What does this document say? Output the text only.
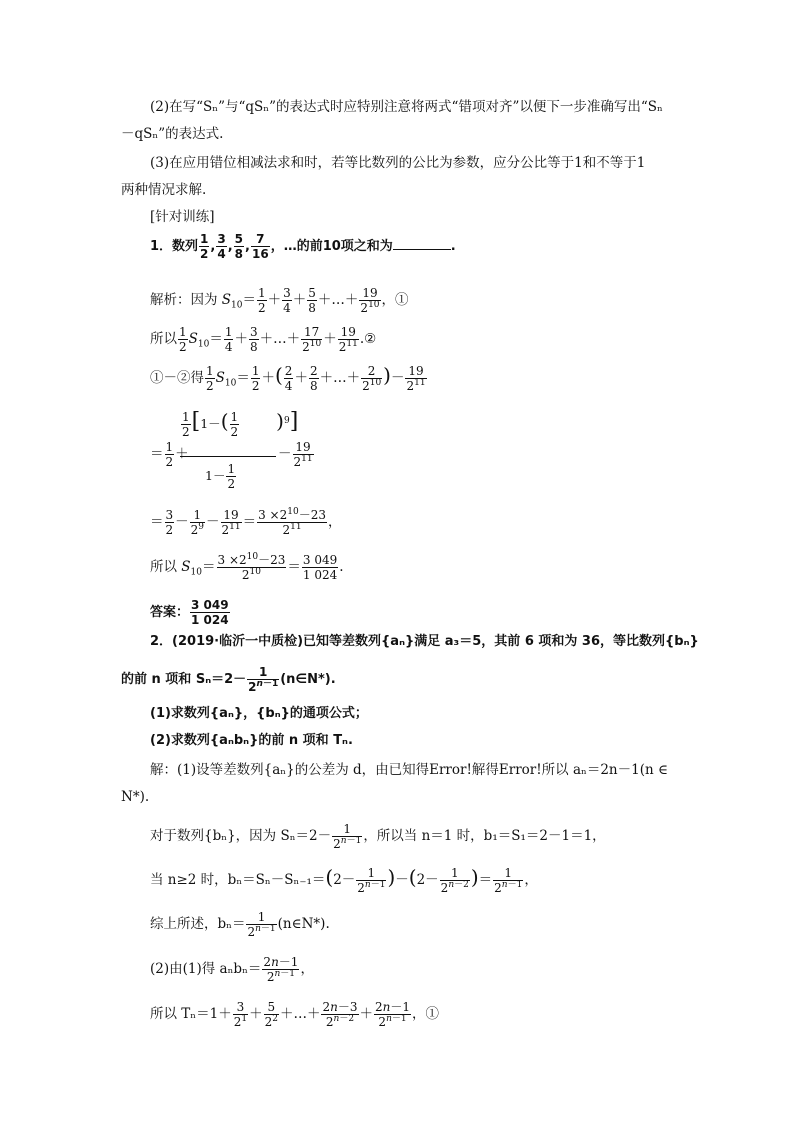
(2)在写“Sₙ”与“qSₙ”的表达式时应特别注意将两式“错项对齐”以便下一步准确写出“Sₙ
－qSₙ”的表达式.
(3)在应用错位相减法求和时，若等比数列的公比为参数，应分公比等于1和不等于1
两种情况求解.
[针对训练]
1．数列 $\frac{1}{2}$ , $\frac{3}{4}$ , $\frac{5}{8}$ , $\frac{7}{16}$ ，…的前10项之和为	.
解析：因为 $S_{10}= \frac{1}{2} + \frac{3}{4} + \frac{5}{8}$ ＋…＋ $\frac{19}{2^{10}}$ ，①
所以 $\frac{1}{2} S_{10}= \frac{1}{4} + \frac{3}{8}$ ＋…＋ $\frac{17}{2^{10}} + \frac{19}{2^{11}}$ .②
①－②得 $\frac{1}{2} S_{10}= \frac{1}{2}$ ＋( $\frac{2}{4} + \frac{2}{8}$ ＋…＋ $\frac{2}{2^{10}}$ )－ $\frac{19}{2^{11}}$
＝ $\frac{1}{2}$ ＋
$\frac{1}{2} [1-( \frac{1}{2} )^9]$
$1- \frac{1}{2}$
－ $\frac{19}{2^{11}}$
＝ $\frac{3}{2} - \frac{1}{2^9} - \frac{19}{2^{11}} = \frac{3 \times 2^{10}-23}{2^{11}}$ ，
所以 $S_{10}= \frac{3 \times 2^{10}-23}{2^{10}} = \frac{3 049}{1 024}$ .
答案： $\frac{3 049}{1 024}$
2．(2019·临沂一中质检)已知等差数列{aₙ}满足 a₃＝5，其前 6 项和为 36，等比数列{bₙ}
的前 n 项和 $S_n=2- \frac{1}{2^{n-1}}$ (n∈N*).
(1)求数列{aₙ}，{bₙ}的通项公式；
(2)求数列{aₙbₙ}的前 n 项和 Tₙ.
解：(1)设等差数列{aₙ}的公差为 d，由已知得Error!解得Error!所以 aₙ＝2n－1(n ∈
N*).
对于数列{bₙ}，因为 $S_n=2- \frac{1}{2^{n-1}}$ ，所以当 n＝1 时，b₁＝S₁＝2－1＝1，
当 n≥2 时，$b_n=S_n-S_{n-1}=(2- \frac{1}{2^{n-1}} )-(2- \frac{1}{2^{n-2}}$ )＝ $\frac{1}{2^{n-1}}$ ，
综上所述，$b_n= \frac{1}{2^{n-1}}$ (n∈N*).
(2)由(1)得 $a_nb_n= \frac{2n-1}{2^{n-1}}$ ，
所以 $T_n=1+ \frac{3}{2^1} + \frac{5}{2^2}$ ＋…＋ $\frac{2n-3}{2^{n-2}} + \frac{2n-1}{2^{n-1}}$ ，①
